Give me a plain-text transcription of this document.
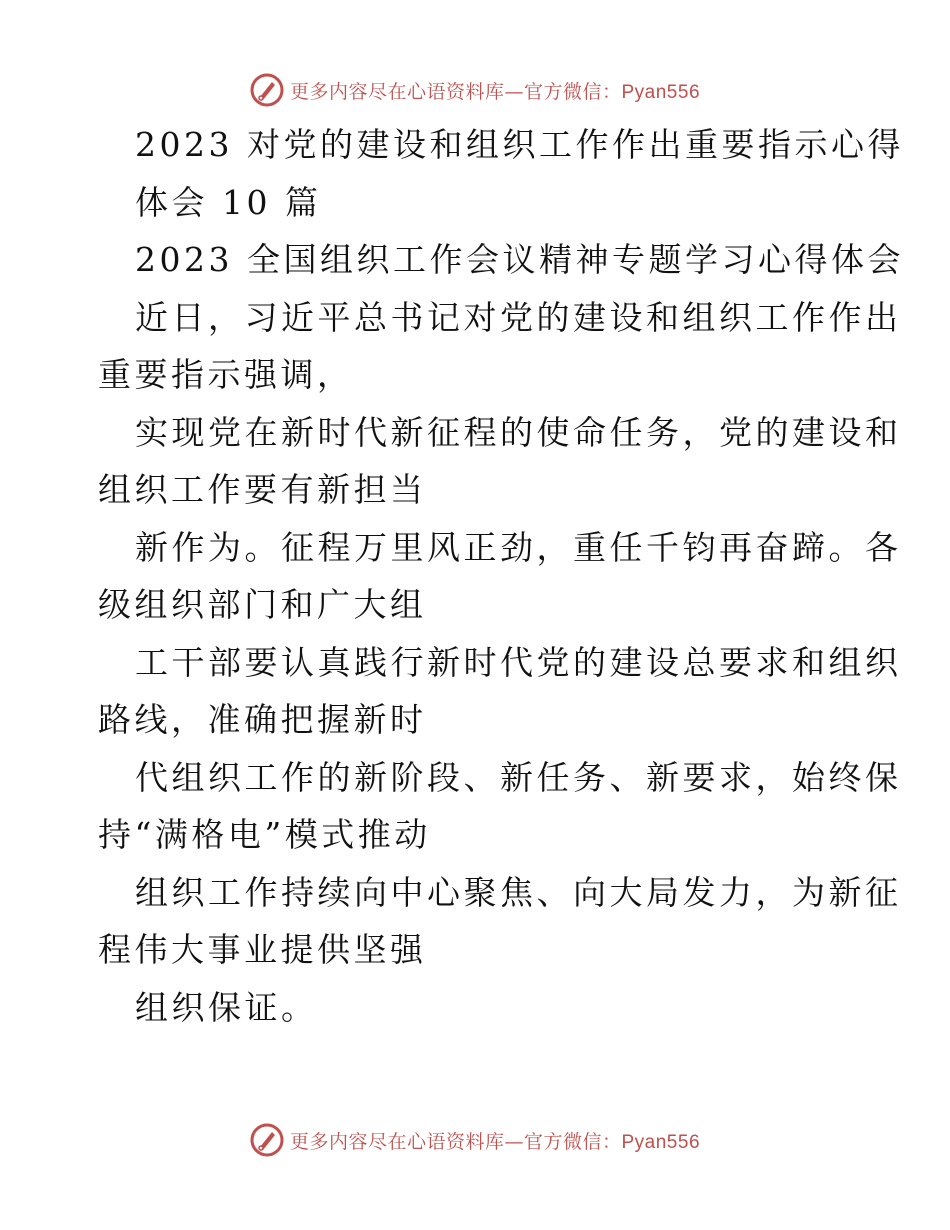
更多内容尽在心语资料库—官方微信：Pyan556
2023 对党的建设和组织工作作出重要指示心得
体会 10 篇
2023 全国组织工作会议精神专题学习心得体会
近日，习近平总书记对党的建设和组织工作作出
重要指示强调，
实现党在新时代新征程的使命任务，党的建设和
组织工作要有新担当
新作为。征程万里风正劲，重任千钧再奋蹄。各
级组织部门和广大组
工干部要认真践行新时代党的建设总要求和组织
路线，准确把握新时
代组织工作的新阶段、新任务、新要求，始终保
持“满格电”模式推动
组织工作持续向中心聚焦、向大局发力，为新征
程伟大事业提供坚强
组织保证。
更多内容尽在心语资料库—官方微信：Pyan556
